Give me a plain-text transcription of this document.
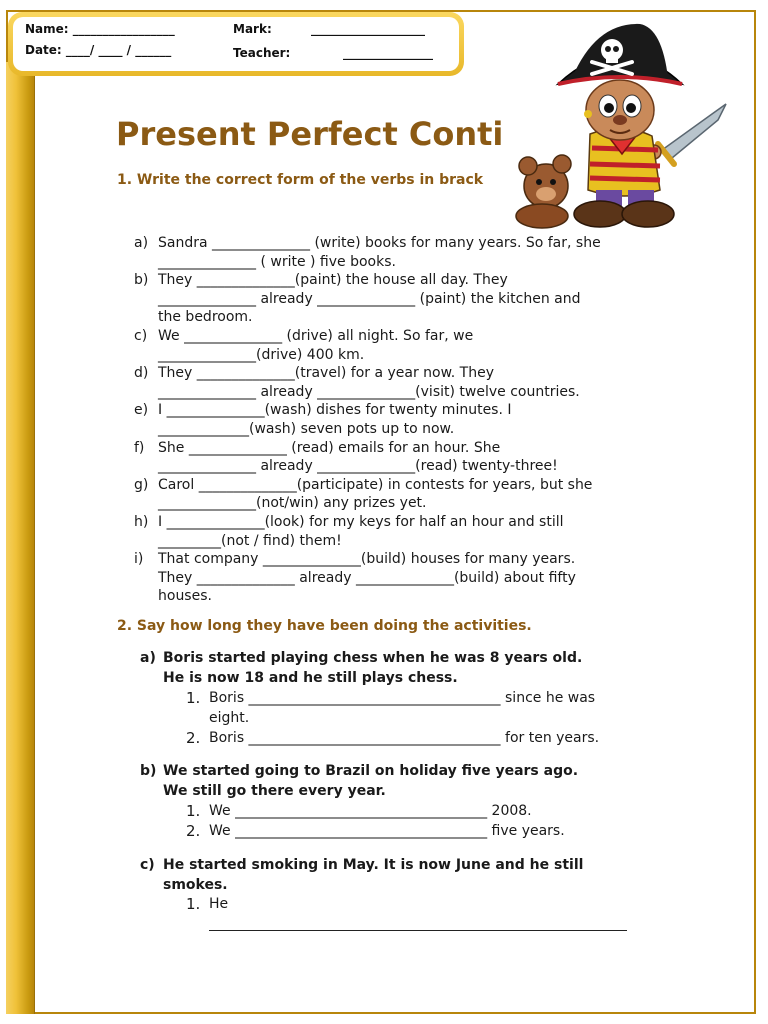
Name: _________________
Date: ____/ ____ / ______
Mark:	___________________
Teacher:	_______________
Present Perfect Conti
1. Write the correct form of the verbs in brack
a) Sandra ______________ (write) books for many years. So far, she
______________ ( write ) five books.
b) They ______________(paint) the house all day. They
______________ already ______________ (paint) the kitchen and
the bedroom.
c) We ______________ (drive) all night. So far, we
______________(drive) 400 km.
d) They ______________(travel) for a year now. They
______________ already ______________(visit) twelve countries.
e) I ______________(wash) dishes for twenty minutes. I
_____________(wash) seven pots up to now.
f) She ______________ (read) emails for an hour. She
______________ already ______________(read) twenty-three!
g) Carol ______________(participate) in contests for years, but she
______________(not/win) any prizes yet.
h) I ______________(look) for my keys for half an hour and still
_________(not / find) them!
i)	That company ______________(build) houses for many years.
They ______________ already ______________(build) about fifty
houses.
2. Say how long they have been doing the activities.
a) Boris started playing chess when he was 8 years old.
He is now 18 and he still plays chess.
1. Boris ____________________________________ since he was
eight.
2. Boris ____________________________________ for ten years.
b) We started going to Brazil on holiday five years ago.
We still go there every year.
1. We ____________________________________ 2008.
2. We ____________________________________ five years.
c) He started smoking in May. It is now June and he still
smokes.
1. He
